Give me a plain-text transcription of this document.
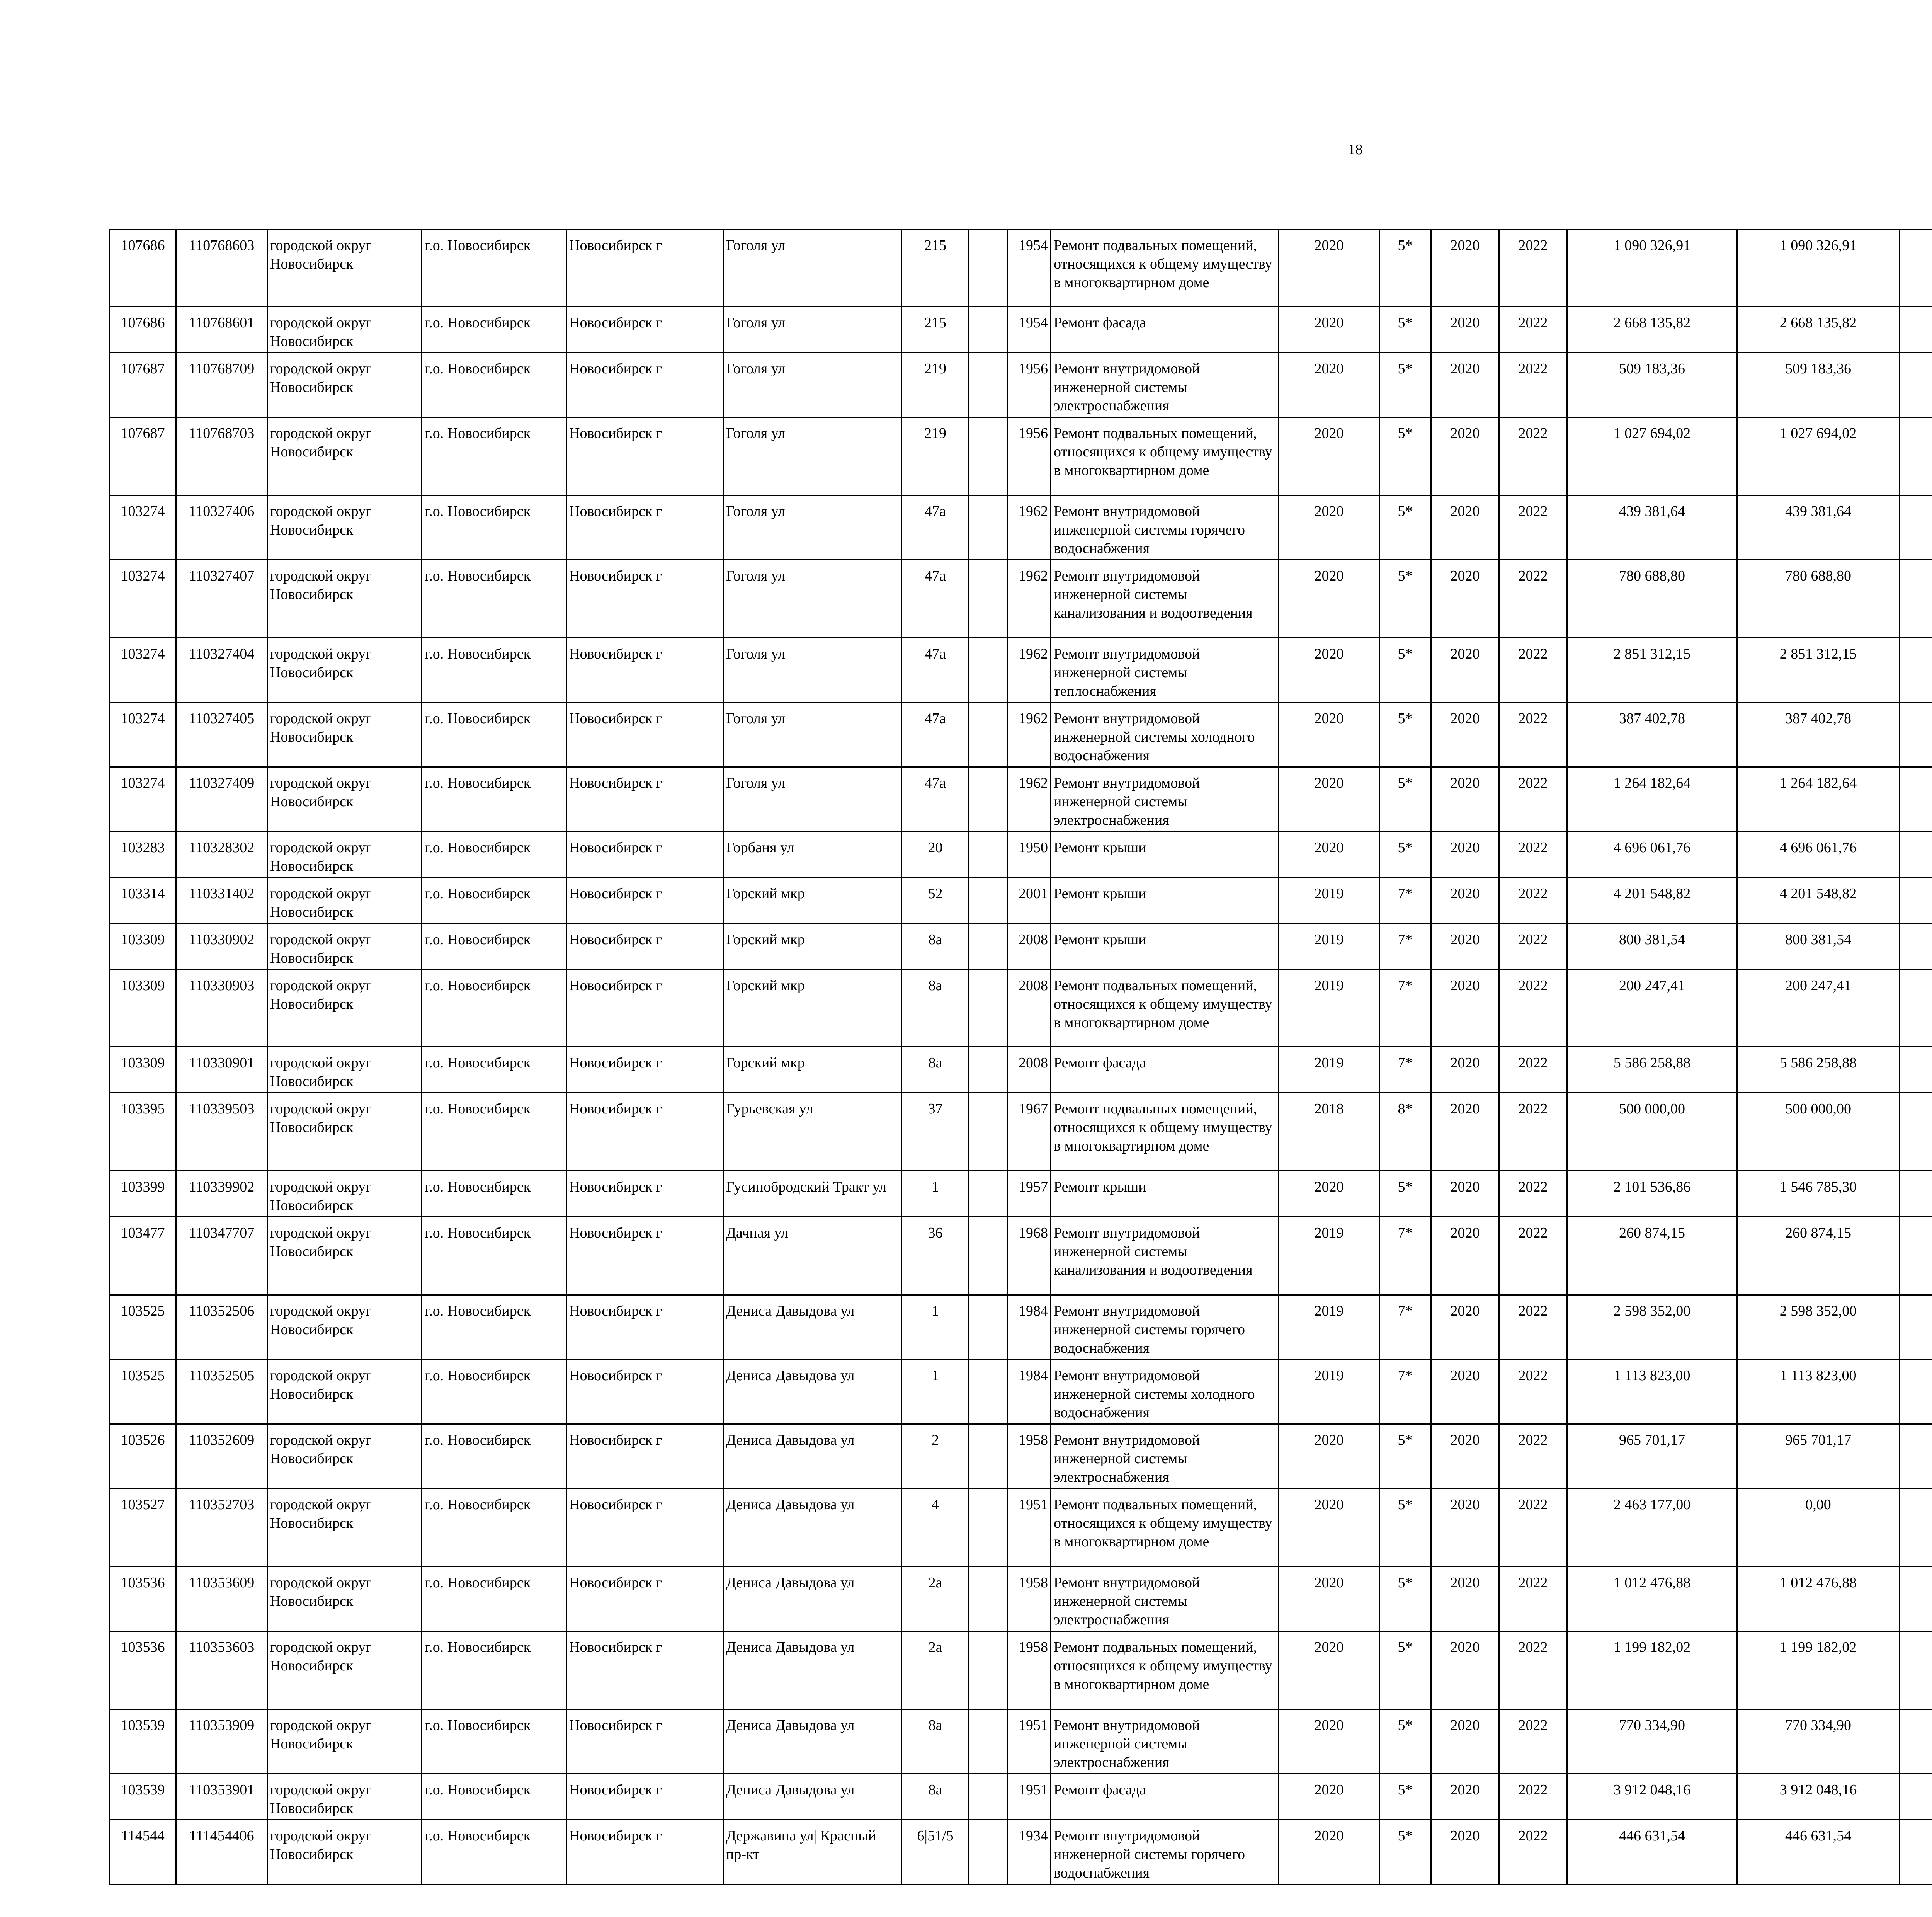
18
107686	110768603	городской округ Новосибирск	г.о. Новосибирск	Новосибирск г	Гоголя ул	215		1954	Ремонт подвальных помещений, относящихся к общему имуществу в многоквартирном доме	2020	5*	2020	2022	1 090 326,91	1 090 326,91						
107686	110768601	городской округ Новосибирск	г.о. Новосибирск	Новосибирск г	Гоголя ул	215		1954	Ремонт фасада	2020	5*	2020	2022	2 668 135,82	2 668 135,82						
107687	110768709	городской округ Новосибирск	г.о. Новосибирск	Новосибирск г	Гоголя ул	219		1956	Ремонт внутридомовой инженерной системы электроснабжения	2020	5*	2020	2022	509 183,36	509 183,36						
107687	110768703	городской округ Новосибирск	г.о. Новосибирск	Новосибирск г	Гоголя ул	219		1956	Ремонт подвальных помещений, относящихся к общему имуществу в многоквартирном доме	2020	5*	2020	2022	1 027 694,02	1 027 694,02						
103274	110327406	городской округ Новосибирск	г.о. Новосибирск	Новосибирск г	Гоголя ул	47а		1962	Ремонт внутридомовой инженерной системы горячего водоснабжения	2020	5*	2020	2022	439 381,64	439 381,64						
103274	110327407	городской округ Новосибирск	г.о. Новосибирск	Новосибирск г	Гоголя ул	47а		1962	Ремонт внутридомовой инженерной системы канализования и водоотведения	2020	5*	2020	2022	780 688,80	780 688,80						
103274	110327404	городской округ Новосибирск	г.о. Новосибирск	Новосибирск г	Гоголя ул	47а		1962	Ремонт внутридомовой инженерной системы теплоснабжения	2020	5*	2020	2022	2 851 312,15	2 851 312,15						
103274	110327405	городской округ Новосибирск	г.о. Новосибирск	Новосибирск г	Гоголя ул	47а		1962	Ремонт внутридомовой инженерной системы холодного водоснабжения	2020	5*	2020	2022	387 402,78	387 402,78						
103274	110327409	городской округ Новосибирск	г.о. Новосибирск	Новосибирск г	Гоголя ул	47а		1962	Ремонт внутридомовой инженерной системы электроснабжения	2020	5*	2020	2022	1 264 182,64	1 264 182,64						
103283	110328302	городской округ Новосибирск	г.о. Новосибирск	Новосибирск г	Горбаня ул	20		1950	Ремонт крыши	2020	5*	2020	2022	4 696 061,76	4 696 061,76						
103314	110331402	городской округ Новосибирск	г.о. Новосибирск	Новосибирск г	Горский мкр	52		2001	Ремонт крыши	2019	7*	2020	2022	4 201 548,82	4 201 548,82						
103309	110330902	городской округ Новосибирск	г.о. Новосибирск	Новосибирск г	Горский мкр	8а		2008	Ремонт крыши	2019	7*	2020	2022	800 381,54	800 381,54						
103309	110330903	городской округ Новосибирск	г.о. Новосибирск	Новосибирск г	Горский мкр	8а		2008	Ремонт подвальных помещений, относящихся к общему имуществу в многоквартирном доме	2019	7*	2020	2022	200 247,41	200 247,41						
103309	110330901	городской округ Новосибирск	г.о. Новосибирск	Новосибирск г	Горский мкр	8а		2008	Ремонт фасада	2019	7*	2020	2022	5 586 258,88	5 586 258,88						
103395	110339503	городской округ Новосибирск	г.о. Новосибирск	Новосибирск г	Гурьевская ул	37		1967	Ремонт подвальных помещений, относящихся к общему имуществу в многоквартирном доме	2018	8*	2020	2022	500 000,00	500 000,00						
103399	110339902	городской округ Новосибирск	г.о. Новосибирск	Новосибирск г	Гусинобродский Тракт ул	1		1957	Ремонт крыши	2020	5*	2020	2022	2 101 536,86	1 546 785,30						
103477	110347707	городской округ Новосибирск	г.о. Новосибирск	Новосибирск г	Дачная ул	36		1968	Ремонт внутридомовой инженерной системы канализования и водоотведения	2019	7*	2020	2022	260 874,15	260 874,15						
103525	110352506	городской округ Новосибирск	г.о. Новосибирск	Новосибирск г	Дениса Давыдова ул	1		1984	Ремонт внутридомовой инженерной системы горячего водоснабжения	2019	7*	2020	2022	2 598 352,00	2 598 352,00						
103525	110352505	городской округ Новосибирск	г.о. Новосибирск	Новосибирск г	Дениса Давыдова ул	1		1984	Ремонт внутридомовой инженерной системы холодного водоснабжения	2019	7*	2020	2022	1 113 823,00	1 113 823,00						
103526	110352609	городской округ Новосибирск	г.о. Новосибирск	Новосибирск г	Дениса Давыдова ул	2		1958	Ремонт внутридомовой инженерной системы электроснабжения	2020	5*	2020	2022	965 701,17	965 701,17						
103527	110352703	городской округ Новосибирск	г.о. Новосибирск	Новосибирск г	Дениса Давыдова ул	4		1951	Ремонт подвальных помещений, относящихся к общему имуществу в многоквартирном доме	2020	5*	2020	2022	2 463 177,00	0,00						
103536	110353609	городской округ Новосибирск	г.о. Новосибирск	Новосибирск г	Дениса Давыдова ул	2а		1958	Ремонт внутридомовой инженерной системы электроснабжения	2020	5*	2020	2022	1 012 476,88	1 012 476,88						
103536	110353603	городской округ Новосибирск	г.о. Новосибирск	Новосибирск г	Дениса Давыдова ул	2а		1958	Ремонт подвальных помещений, относящихся к общему имуществу в многоквартирном доме	2020	5*	2020	2022	1 199 182,02	1 199 182,02						
103539	110353909	городской округ Новосибирск	г.о. Новосибирск	Новосибирск г	Дениса Давыдова ул	8а		1951	Ремонт внутридомовой инженерной системы электроснабжения	2020	5*	2020	2022	770 334,90	770 334,90						
103539	110353901	городской округ Новосибирск	г.о. Новосибирск	Новосибирск г	Дениса Давыдова ул	8а		1951	Ремонт фасада	2020	5*	2020	2022	3 912 048,16	3 912 048,16						
114544	111454406	городской округ Новосибирск	г.о. Новосибирск	Новосибирск г	Державина ул| Красный пр-кт	6|51/5		1934	Ремонт внутридомовой инженерной системы горячего водоснабжения	2020	5*	2020	2022	446 631,54	446 631,54						
